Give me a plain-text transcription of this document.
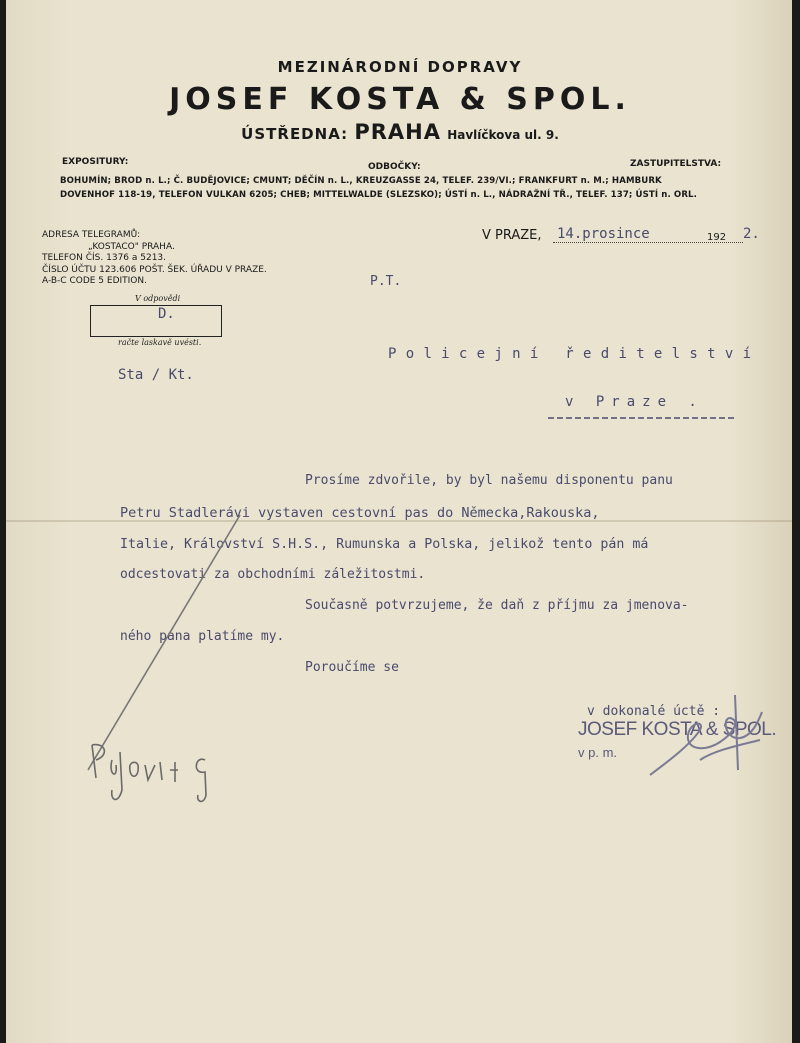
MEZINÁRODNÍ DOPRAVY
JOSEF KOSTA & SPOL.
ÚSTŘEDNA: PRAHA Havlíčkova ul. 9.
EXPOSITURY:	ODBOČKY:	ZASTUPITELSTVA:
BOHUMÍN; BROD n. L.; Č. BUDĚJOVICE; CMUNT; DĚČÍN n. L., KREUZGASSE 24, TELEF. 239/VI.; FRANKFURT n. M.; HAMBURK
DOVENHOF 118-19, TELEFON VULKAN 6205; CHEB; MITTELWALDE (SLEZSKO); ÚSTÍ n. L., NÁDRAŽNÍ TŘ., TELEF. 137; ÚSTÍ n. ORL.
ADRESA TELEGRAMŮ:
„KOSTACO" PRAHA.
TELEFON ČÍS. 1376 a 5213.
ČÍSLO ÚČTU 123.606 POŠT. ŠEK. ÚŘADU V PRAZE.
A-B-C CODE 5 EDITION.
V PRAZE, 14.prosince	192 2.
P.T.
V odpovědi
D.
račte laskavě uvésti.
Sta / Kt.
Policejní ředitelství
v Praze .
Prosíme zdvořile, by byl našemu disponentu panu
Petru Stadlerávi vystaven cestovní pas do Německa,Rakouska,
Italie, Království S.H.S., Rumunska a Polska, jelikož tento pán má
odcestovati za obchodními záležitostmi.
Současně potvrzujeme, že daň z příjmu za jmenova-
ného pána platíme my.
Poroučíme se
v dokonalé úctě :
JOSEF KOSTA & SPOL.
v p. m.
